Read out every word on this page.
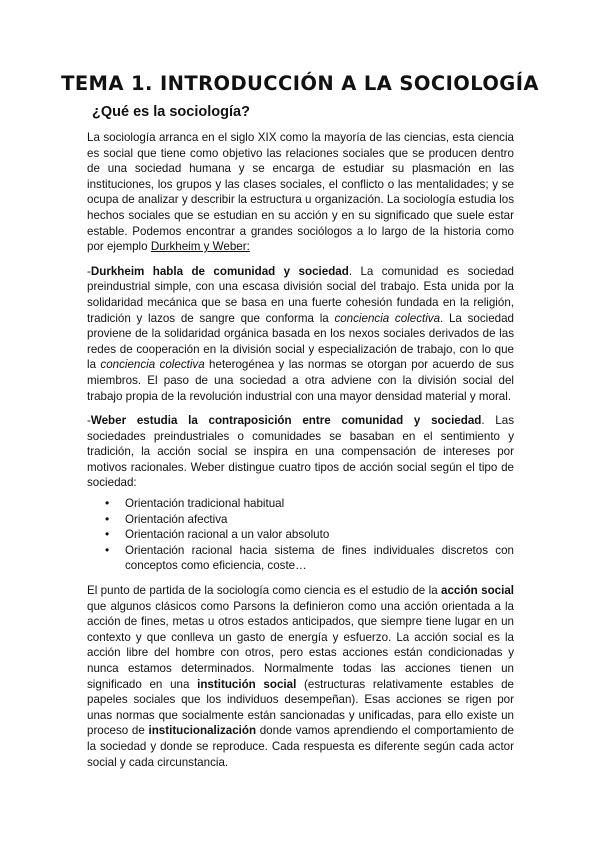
TEMA 1. INTRODUCCIÓN A LA SOCIOLOGÍA
¿Qué es la sociología?

La sociología arranca en el siglo XIX como la mayoría de las ciencias, esta ciencia es social que tiene como objetivo las relaciones sociales que se producen dentro de una sociedad humana y se encarga de estudiar su plasmación en las instituciones, los grupos y las clases sociales, el conflicto o las mentalidades; y se ocupa de analizar y describir la estructura u organización. La sociología estudia los hechos sociales que se estudian en su acción y en su significado que suele estar estable. Podemos encontrar a grandes sociólogos a lo largo de la historia como por ejemplo Durkheim y Weber:

-Durkheim habla de comunidad y sociedad. La comunidad es sociedad preindustrial simple, con una escasa división social del trabajo. Esta unida por la solidaridad mecánica que se basa en una fuerte cohesión fundada en la religión, tradición y lazos de sangre que conforma la conciencia colectiva. La sociedad proviene de la solidaridad orgánica basada en los nexos sociales derivados de las redes de cooperación en la división social y especialización de trabajo, con lo que la conciencia colectiva heterogénea y las normas se otorgan por acuerdo de sus miembros. El paso de una sociedad a otra adviene con la división social del trabajo propia de la revolución industrial con una mayor densidad material y moral.

-Weber estudia la contraposición entre comunidad y sociedad. Las sociedades preindustriales o comunidades se basaban en el sentimiento y tradición, la acción social se inspira en una compensación de intereses por motivos racionales. Weber distingue cuatro tipos de acción social según el tipo de sociedad:

• Orientación tradicional habitual
• Orientación afectiva
• Orientación racional a un valor absoluto
• Orientación racional hacia sistema de fines individuales discretos con conceptos como eficiencia, coste…

El punto de partida de la sociología como ciencia es el estudio de la acción social que algunos clásicos como Parsons la definieron como una acción orientada a la acción de fines, metas u otros estados anticipados, que siempre tiene lugar en un contexto y que conlleva un gasto de energía y esfuerzo. La acción social es la acción libre del hombre con otros, pero estas acciones están condicionadas y nunca estamos determinados. Normalmente todas las acciones tienen un significado en una institución social (estructuras relativamente estables de papeles sociales que los individuos desempeñan). Esas acciones se rigen por unas normas que socialmente están sancionadas y unificadas, para ello existe un proceso de institucionalización donde vamos aprendiendo el comportamiento de la sociedad y donde se reproduce. Cada respuesta es diferente según cada actor social y cada circunstancia.
